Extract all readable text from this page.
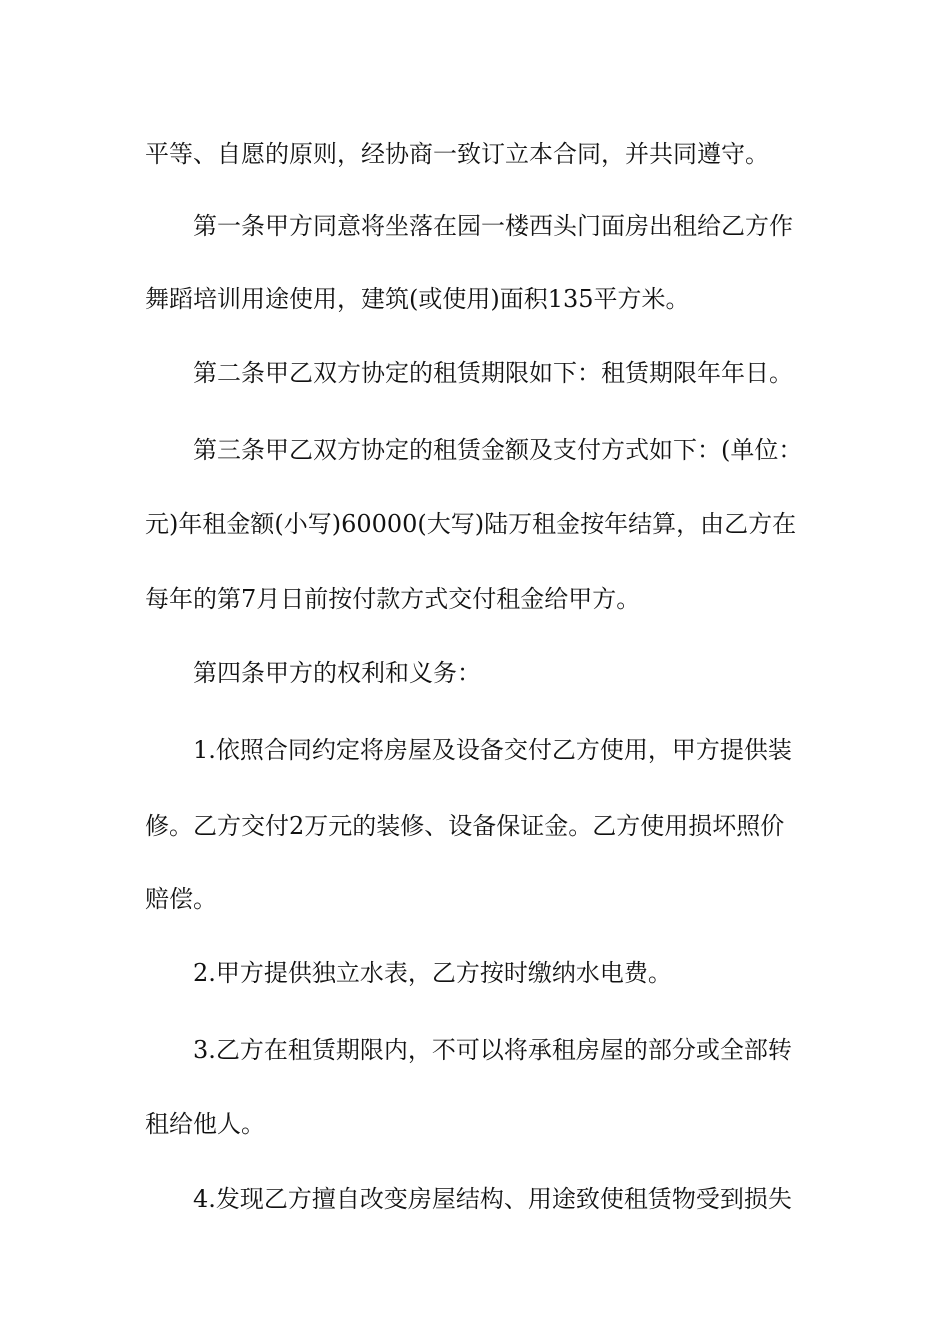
平等、自愿的原则，经协商一致订立本合同，并共同遵守。
第一条甲方同意将坐落在园一楼西头门面房出租给乙方作
舞蹈培训用途使用，建筑(或使用)面积135平方米。
第二条甲乙双方协定的租赁期限如下：租赁期限年年日。
第三条甲乙双方协定的租赁金额及支付方式如下：(单位：
元)年租金额(小写)60000(大写)陆万租金按年结算，由乙方在
每年的第7月日前按付款方式交付租金给甲方。
第四条甲方的权利和义务：
1.依照合同约定将房屋及设备交付乙方使用，甲方提供装
修。乙方交付2万元的装修、设备保证金。乙方使用损坏照价
赔偿。
2.甲方提供独立水表，乙方按时缴纳水电费。
3.乙方在租赁期限内，不可以将承租房屋的部分或全部转
租给他人。
4.发现乙方擅自改变房屋结构、用途致使租赁物受到损失
